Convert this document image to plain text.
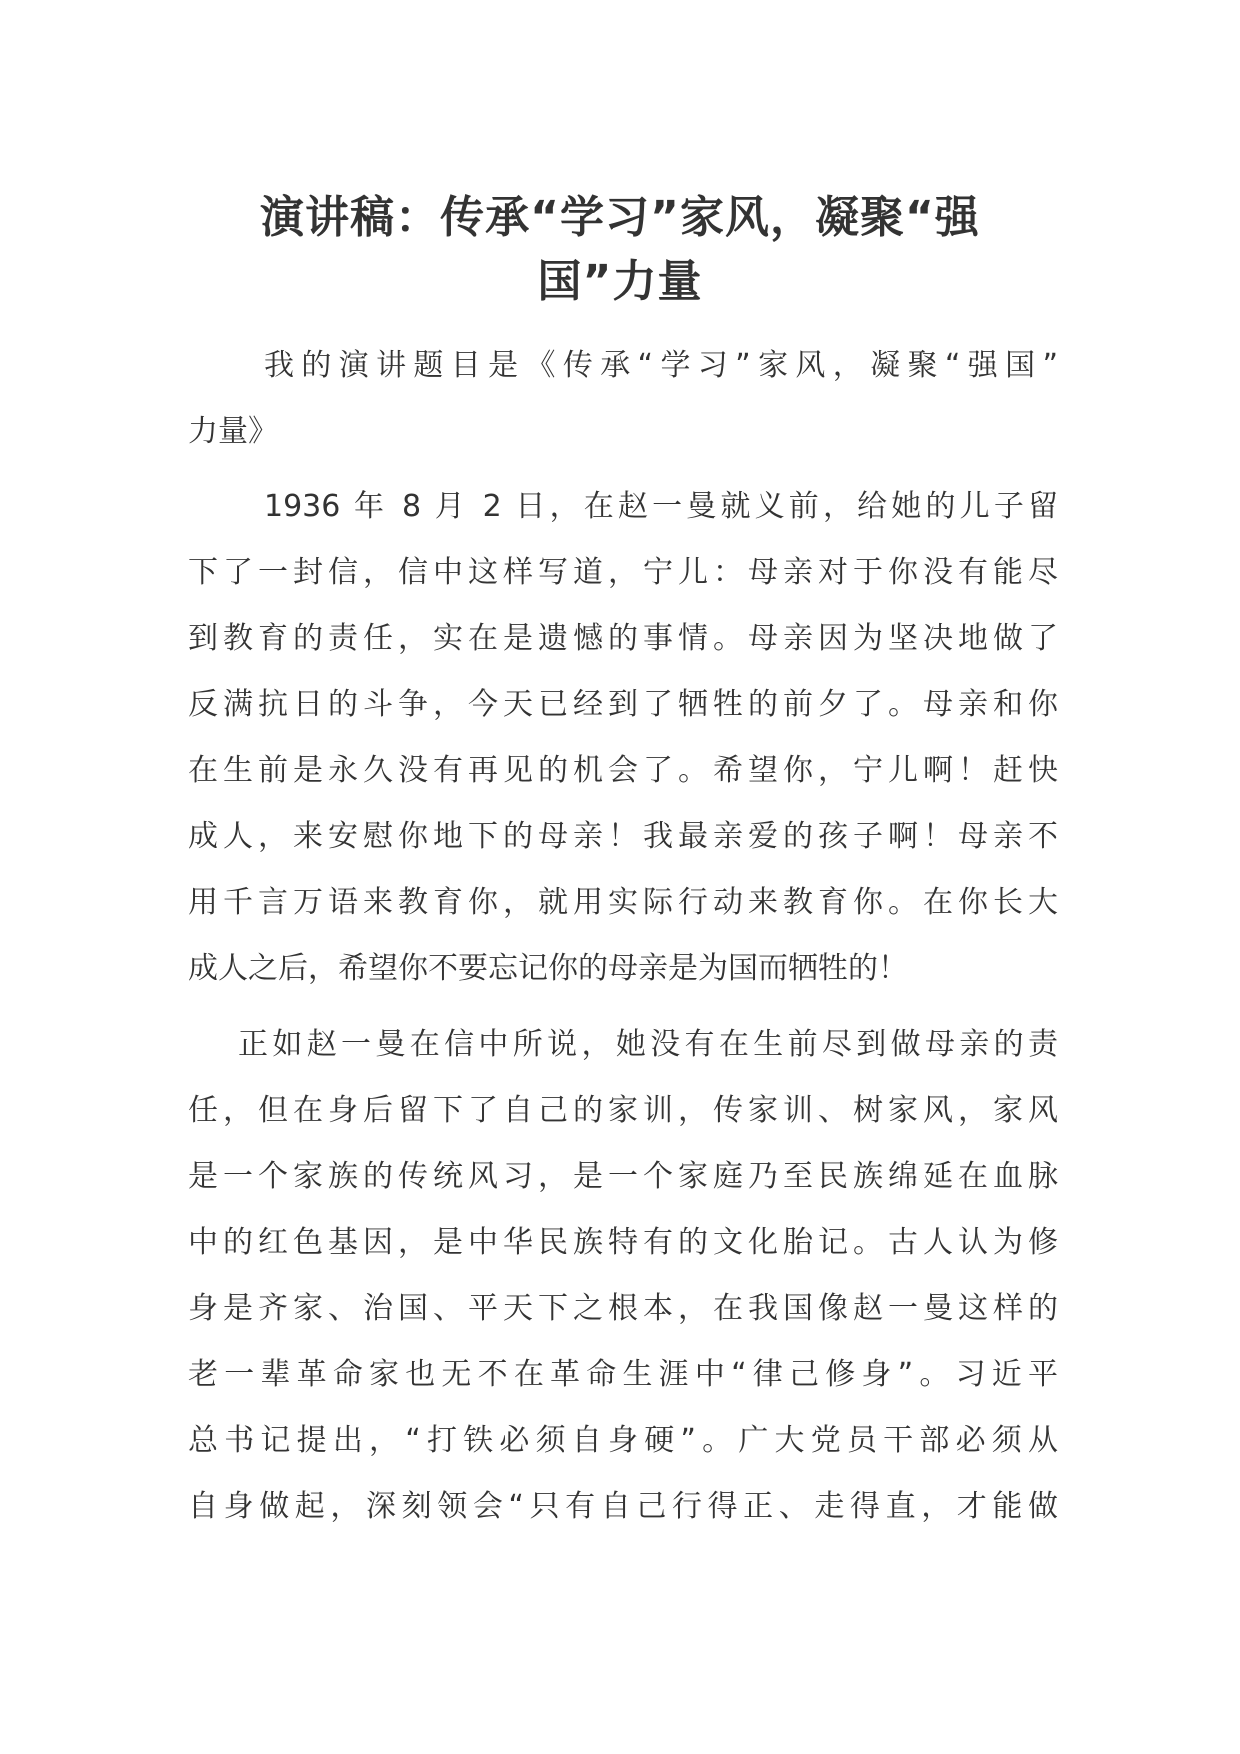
演讲稿：传承“学习”家风，凝聚“强
国”力量
我的演讲题目是《传承“学习”家风，凝聚“强国”
力量》
1936 年 8 月 2 日，在赵一曼就义前，给她的儿子留
下了一封信，信中这样写道，宁儿：母亲对于你没有能尽
到教育的责任，实在是遗憾的事情。母亲因为坚决地做了
反满抗日的斗争，今天已经到了牺牲的前夕了。母亲和你
在生前是永久没有再见的机会了。希望你，宁儿啊！赶快
成人，来安慰你地下的母亲！我最亲爱的孩子啊！母亲不
用千言万语来教育你，就用实际行动来教育你。在你长大
成人之后，希望你不要忘记你的母亲是为国而牺牲的！
正如赵一曼在信中所说，她没有在生前尽到做母亲的责
任，但在身后留下了自己的家训，传家训、树家风，家风
是一个家族的传统风习，是一个家庭乃至民族绵延在血脉
中的红色基因，是中华民族特有的文化胎记。古人认为修
身是齐家、治国、平天下之根本，在我国像赵一曼这样的
老一辈革命家也无不在革命生涯中“律己修身”。习近平
总书记提出，“打铁必须自身硬”。广大党员干部必须从
自身做起，深刻领会“只有自己行得正、走得直，才能做
